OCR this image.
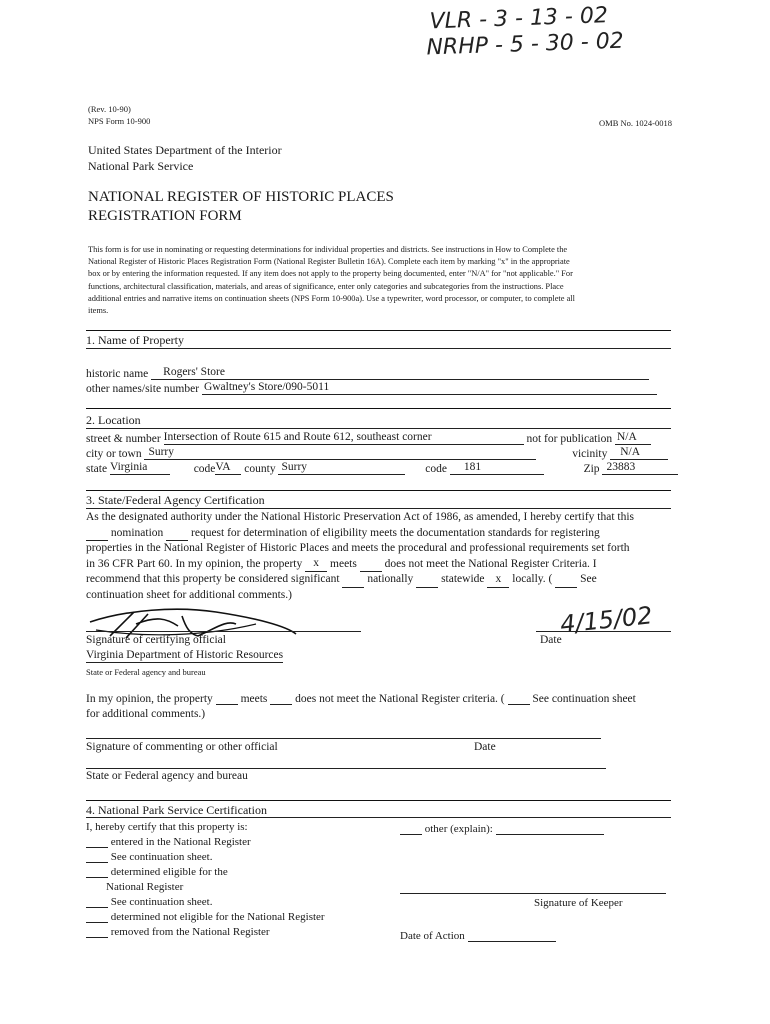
VLR - 3 - 13 - 02
NRHP - 5 - 30 - 02
(Rev. 10-90)
NPS Form 10-900	OMB No. 1024-0018
United States Department of the Interior
National Park Service
NATIONAL REGISTER OF HISTORIC PLACES
REGISTRATION FORM
This form is for use in nominating or requesting determinations for individual properties and districts. See instructions in How to Complete the
National Register of Historic Places Registration Form (National Register Bulletin 16A). Complete each item by marking "x" in the appropriate
box or by entering the information requested. If any item does not apply to the property being documented, enter "N/A" for "not applicable." For
functions, architectural classification, materials, and areas of significance, enter only categories and subcategories from the instructions. Place
additional entries and narrative items on continuation sheets (NPS Form 10-900a). Use a typewriter, word processor, or computer, to complete all
items.
1. Name of Property
historic name Rogers' Store
other names/site number Gwaltney's Store/090-5011
2. Location
street & number Intersection of Route 615 and Route 612, southeast corner	not for publication N/A
city or town Surry	vicinity N/A
state Virginia	codeVA county Surry	code 181	Zip 23883
3. State/Federal Agency Certification
As the designated authority under the National Historic Preservation Act of 1986, as amended, I hereby certify that this
nomination request for determination of eligibility meets the documentation standards for registering
properties in the National Register of Historic Places and meets the procedural and professional requirements set forth
in 36 CFR Part 60. In my opinion, the property x meets does not meet the National Register Criteria. I
recommend that this property be considered significant nationally statewide x locally. ( See
continuation sheet for additional comments.)
Signature of certifying official	Date
4/15/02
Virginia Department of Historic Resources
State or Federal agency and bureau
In my opinion, the property meets does not meet the National Register criteria. ( See continuation sheet
for additional comments.)
Signature of commenting or other official	Date
State or Federal agency and bureau
4. National Park Service Certification
I, hereby certify that this property is:	other (explain):
entered in the National Register
See continuation sheet.
determined eligible for the
National Register
See continuation sheet.
determined not eligible for the National Register
removed from the National Register
Signature of Keeper
Date of Action
